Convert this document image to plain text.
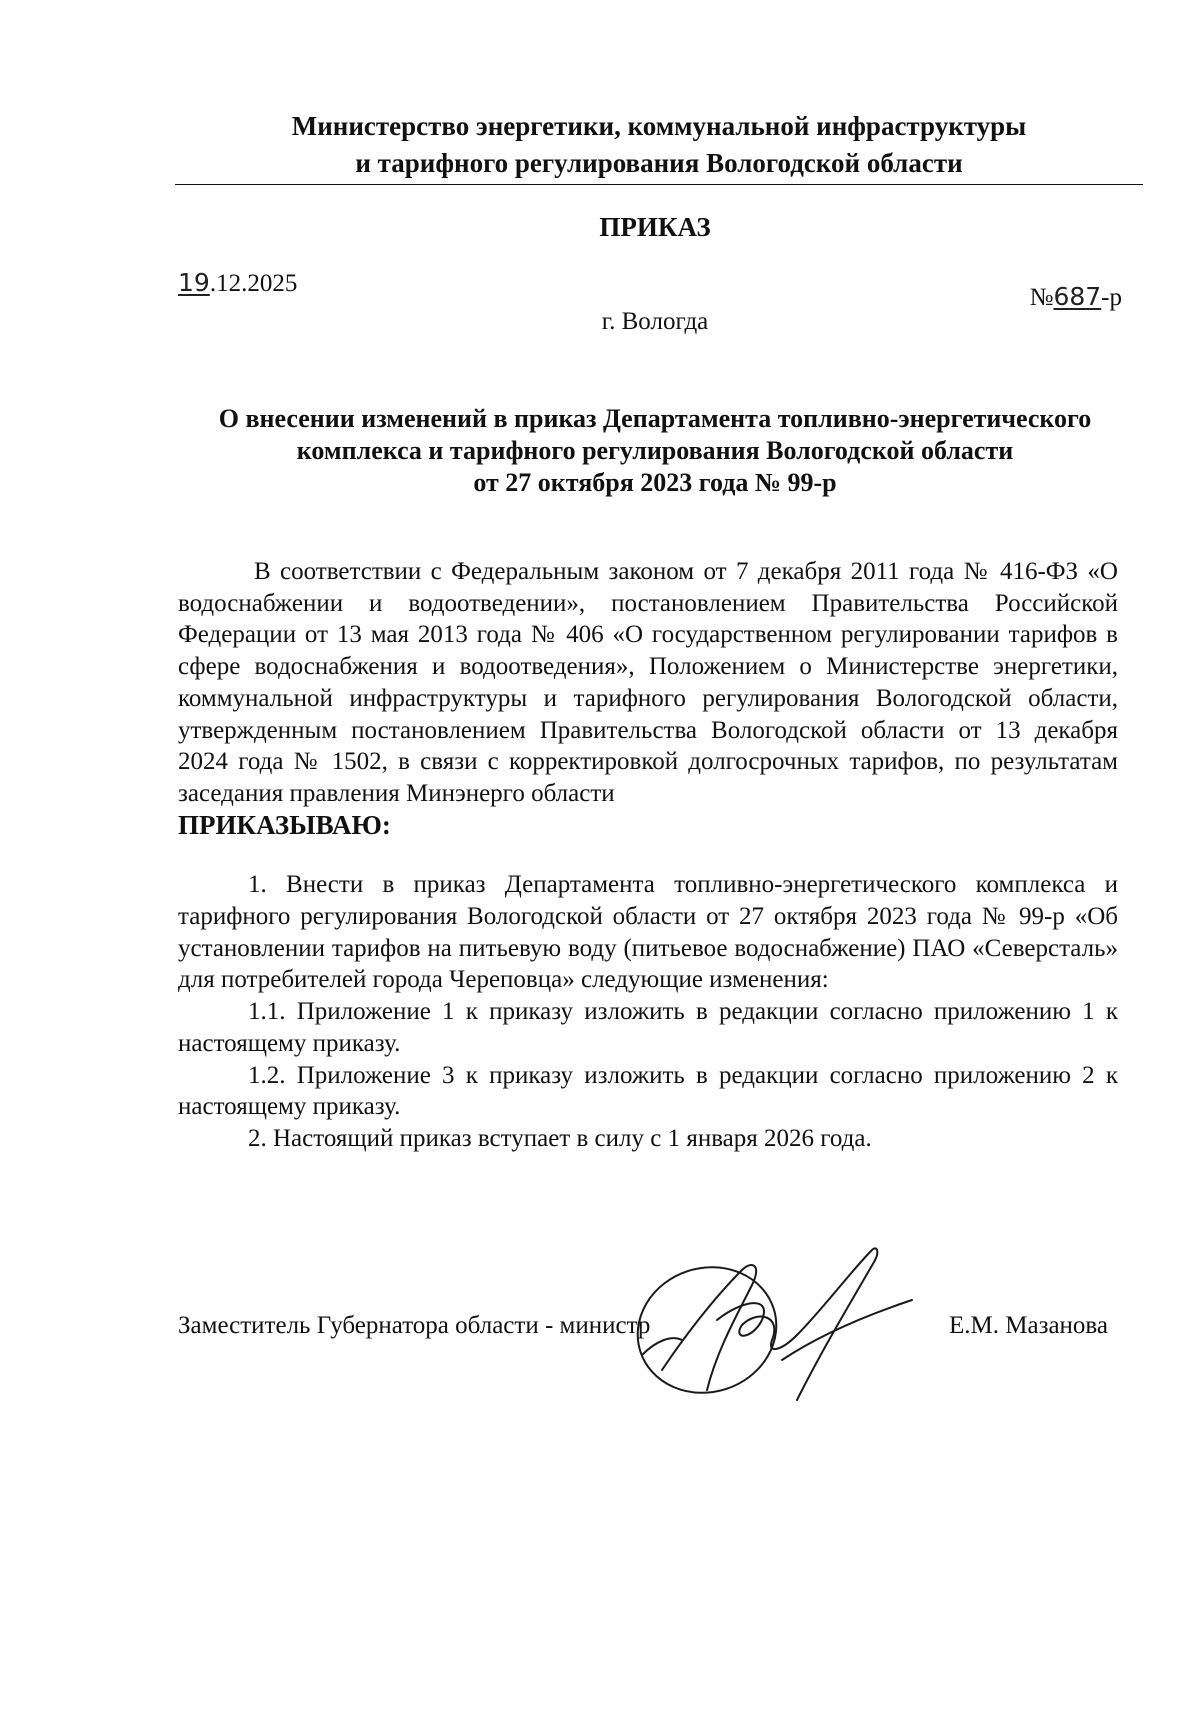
Министерство энергетики, коммунальной инфраструктуры
и тарифного регулирования Вологодской области
ПРИКАЗ
19.12.2025
№687-р
г. Вологда
О внесении изменений в приказ Департамента топливно-энергетического
комплекса и тарифного регулирования Вологодской области
от 27 октября 2023 года № 99-р

В соответствии с Федеральным законом от 7 декабря 2011 года № 416-ФЗ «О водоснабжении и водоотведении», постановлением Правительства Российской Федерации от 13 мая 2013 года № 406 «О государственном регулировании тарифов в сфере водоснабжения и водоотведения», Положением о Министерстве энергетики, коммунальной инфраструктуры и тарифного регулирования Вологодской области, утвержденным постановлением Правительства Вологодской области от 13 декабря 2024 года № 1502, в связи с корректировкой долгосрочных тарифов, по результатам заседания правления Минэнерго области

ПРИКАЗЫВАЮ:

1. Внести в приказ Департамента топливно-энергетического комплекса и тарифного регулирования Вологодской области от 27 октября 2023 года № 99-р «Об установлении тарифов на питьевую воду (питьевое водоснабжение) ПАО «Северсталь» для потребителей города Череповца» следующие изменения:

1.1. Приложение 1 к приказу изложить в редакции согласно приложению 1 к настоящему приказу.

1.2. Приложение 3 к приказу изложить в редакции согласно приложению 2 к настоящему приказу.

2. Настоящий приказ вступает в силу с 1 января 2026 года.

Заместитель Губернатора области - министр	Е.М. Мазанова
